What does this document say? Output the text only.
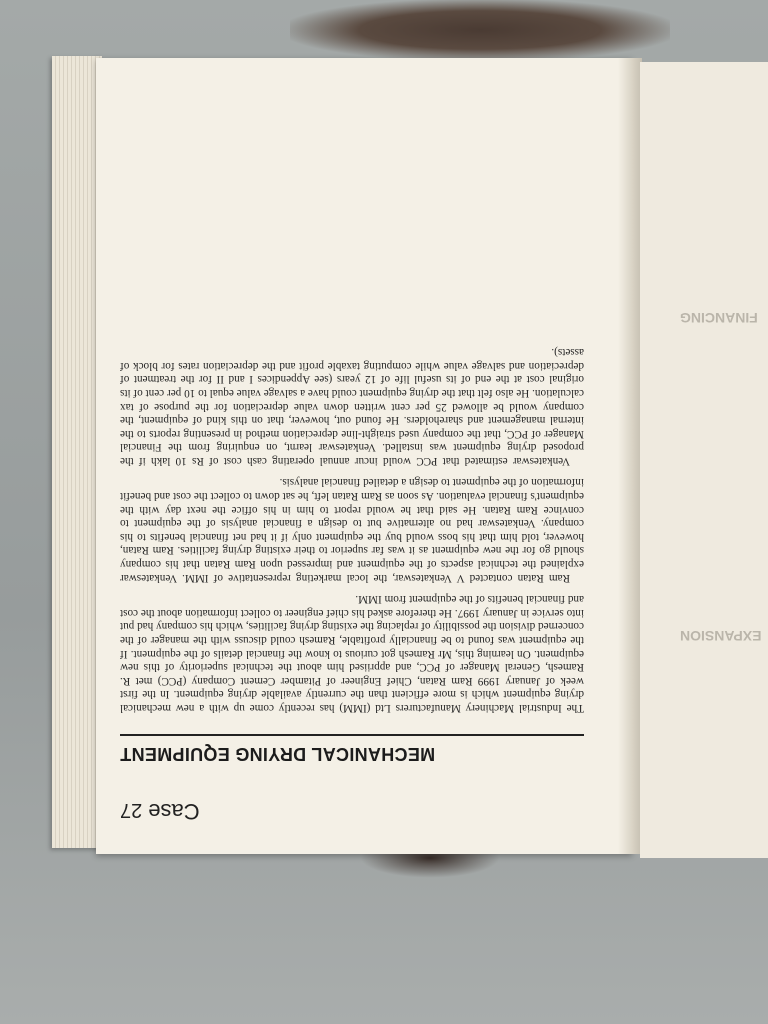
FINANCING
EXPANSION
Case27
MECHANICAL DRYING EQUIPMENT

The Industrial Machinery Manufacturers Ltd (IMM) has recently come up with a new mechanical drying equipment which is more efficient than the currently available drying equipment. In the first week of January 1999 Ram Ratan, Chief Engineer of Pitamber Cement Company (PCC) met R. Ramesh, General Manager of PCC, and appriised him about the technical superiority of this new equipment. On learning this, Mr Ramesh got curious to know the financial details of the equipment. If the equipment was found to be financially profitable, Ramesh could discuss with the manager of the concerned division the possibility of replacing the existing drying facilities, which his company had put into service in January 1997. He therefore asked his chief engineer to collect information about the cost and financial benefits of the equipment from IMM.

Ram Ratan contacted V Venkateswar, the local marketing representative of IMM. Venkateswar explained the technical aspects of the equipment and impressed upon Ram Ratan that his company should go for the new equipment as it was far superior to their existing drying facilities. Ram Ratan, however, told him that his boss would buy the equipment only if it had net financial benefits to his company. Venkateswar had no alternative but to design a financial analysis of the equipment to convince Ram Ratan. He said that he would report to him in his office the next day with the equipment's financial evaluation. As soon as Ram Ratan left, he sat down to collect the cost and benefit information of the equipment to design a detailed financial analysis.

Venkateswar estimated that PCC would incur annual operating cash cost of Rs 10 lakh if the proposed drying equipment was installed. Venkateswar learnt, on enquiring from the Financial Manager of PCC, that the company used straight-line depreciation method in presenting reports to the internal management and shareholders. He found out, however, that on this kind of equipment, the company would be allowed 25 per cent written down value depreciation for the purpose of tax calculation. He also felt that the drying equipment could have a salvage value equal to 10 per cent of its original cost at the end of its useful life of 12 years (see Appendices I and II for the treatment of depreciation and salvage value while computing taxable profit and the depreciation rates for block of assets).
